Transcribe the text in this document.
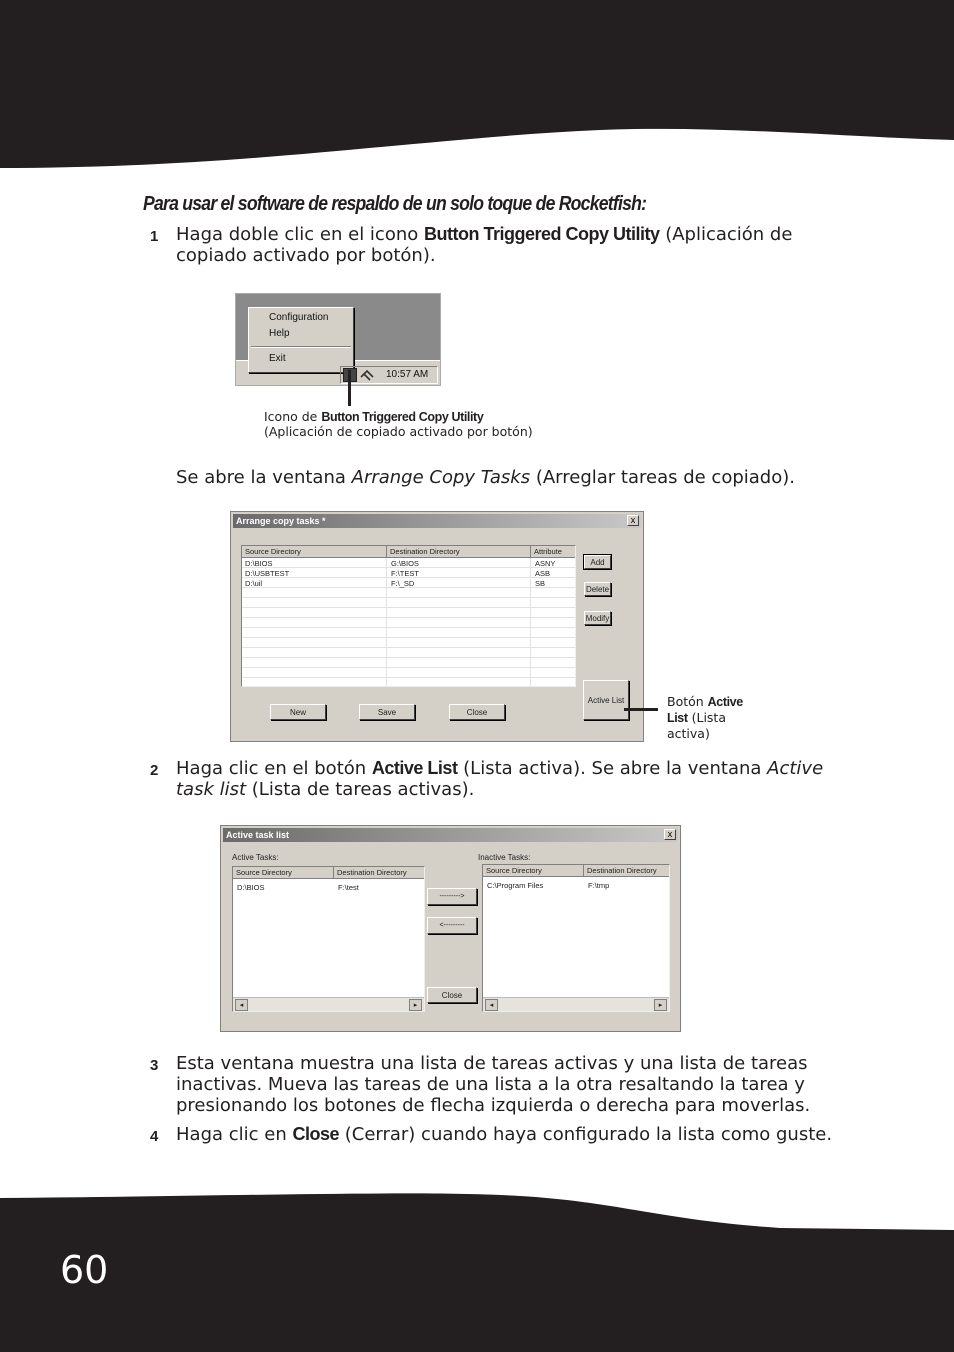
60
Para usar el software de respaldo de un solo toque de Rocketfish:
1 Haga doble clic en el icono Button Triggered Copy Utility (Aplicación de
copiado activado por botón).
Configuration
Help
Exit
10:57 AM
Icono de Button Triggered Copy Utility
(Aplicación de copiado activado por botón)
Se abre la ventana Arrange Copy Tasks (Arreglar tareas de copiado).
Arrange copy tasks *	x
Source Directory	Destination Directory	Attribute
D:\BIOS	G:\BIOS	ASNY
D:\USBTEST	F:\TEST	ASB
D:\uil	F:\_SD	SB
Add
Delete
Modify
Active List
New	Save	Close
Botón Active
List (Lista
activa)
2 Haga clic en el botón Active List (Lista activa). Se abre la ventana Active
task list (Lista de tareas activas).
Active task list	x
Active Tasks:	Inactive Tasks:
Source Directory	Destination Directory
D:\BIOS	F:\test
◂	▸
--------->
<---------
Close
Source Directory	Destination Directory
C:\Program Files	F:\tmp
◂	▸
3 Esta ventana muestra una lista de tareas activas y una lista de tareas
inactivas. Mueva las tareas de una lista a la otra resaltando la tarea y
presionando los botones de flecha izquierda o derecha para moverlas.
4 Haga clic en Close (Cerrar) cuando haya configurado la lista como guste.
